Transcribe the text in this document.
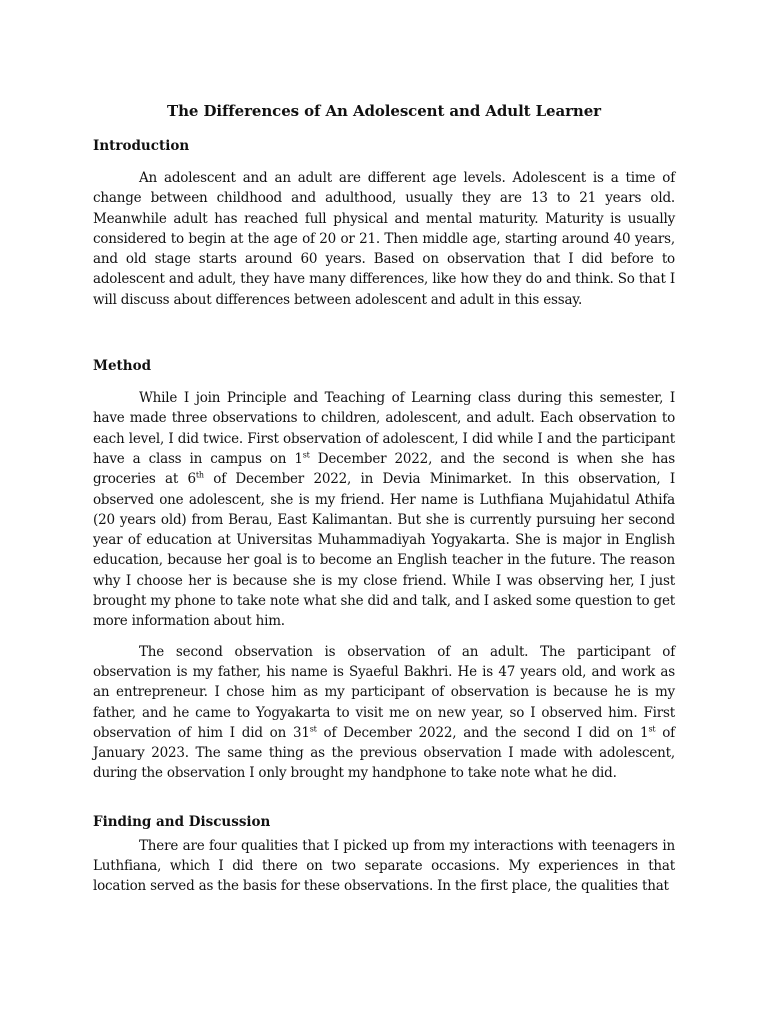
The Differences of An Adolescent and Adult Learner
Introduction

An adolescent and an adult are different age levels. Adolescent is a time of change between childhood and adulthood, usually they are 13 to 21 years old. Meanwhile adult has reached full physical and mental maturity. Maturity is usually considered to begin at the age of 20 or 21. Then middle age, starting around 40 years, and old stage starts around 60 years. Based on observation that I did before to adolescent and adult, they have many differences, like how they do and think. So that I will discuss about differences between adolescent and adult in this essay.

Method

While I join Principle and Teaching of Learning class during this semester, I have made three observations to children, adolescent, and adult. Each observation to each level, I did twice. First observation of adolescent, I did while I and the participant have a class in campus on 1st December 2022, and the second is when she has groceries at 6th of December 2022, in Devia Minimarket. In this observation, I observed one adolescent, she is my friend. Her name is Luthfiana Mujahidatul Athifa (20 years old) from Berau, East Kalimantan. But she is currently pursuing her second year of education at Universitas Muhammadiyah Yogyakarta. She is major in English education, because her goal is to become an English teacher in the future. The reason why I choose her is because she is my close friend. While I was observing her, I just brought my phone to take note what she did and talk, and I asked some question to get more information about him.

The second observation is observation of an adult. The participant of observation is my father, his name is Syaeful Bakhri. He is 47 years old, and work as an entrepreneur. I chose him as my participant of observation is because he is my father, and he came to Yogyakarta to visit me on new year, so I observed him. First observation of him I did on 31st of December 2022, and the second I did on 1st of January 2023. The same thing as the previous observation I made with adolescent, during the observation I only brought my handphone to take note what he did.

Finding and Discussion

There are four qualities that I picked up from my interactions with teenagers in Luthfiana, which I did there on two separate occasions. My experiences in that location served as the basis for these observations. In the first place, the qualities that
